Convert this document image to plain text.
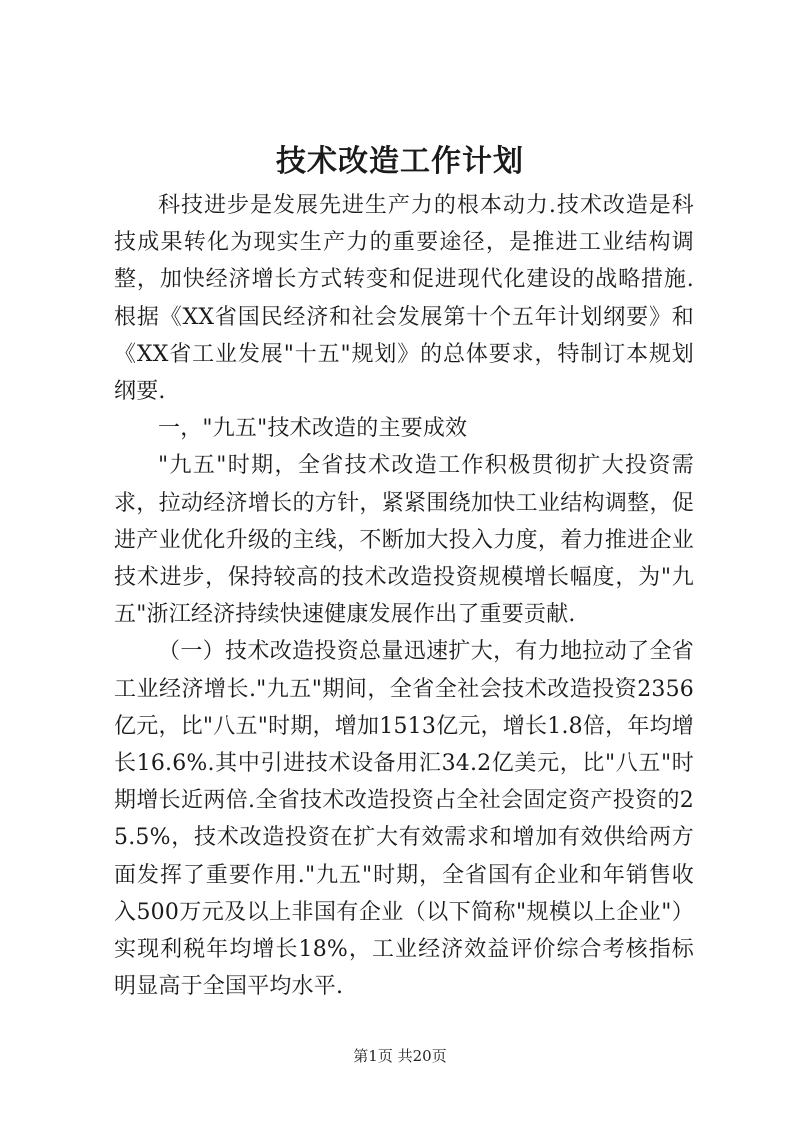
技术改造工作计划

科技进步是发展先进生产力的根本动力.技术改造是科技成果转化为现实生产力的重要途径，是推进工业结构调整，加快经济增长方式转变和促进现代化建设的战略措施.根据《XX省国民经济和社会发展第十个五年计划纲要》和《XX省工业发展"十五"规划》的总体要求，特制订本规划纲要.

一，"九五"技术改造的主要成效

"九五"时期，全省技术改造工作积极贯彻扩大投资需求，拉动经济增长的方针，紧紧围绕加快工业结构调整，促进产业优化升级的主线，不断加大投入力度，着力推进企业技术进步，保持较高的技术改造投资规模增长幅度，为"九五"浙江经济持续快速健康发展作出了重要贡献.

（一）技术改造投资总量迅速扩大，有力地拉动了全省工业经济增长."九五"期间，全省全社会技术改造投资2356亿元，比"八五"时期，增加1513亿元，增长1.8倍，年均增长16.6%.其中引进技术设备用汇34.2亿美元，比"八五"时期增长近两倍.全省技术改造投资占全社会固定资产投资的25.5%，技术改造投资在扩大有效需求和增加有效供给两方面发挥了重要作用."九五"时期，全省国有企业和年销售收入500万元及以上非国有企业（以下简称"规模以上企业"）实现利税年均增长18%，工业经济效益评价综合考核指标明显高于全国平均水平.

第1页 共20页
